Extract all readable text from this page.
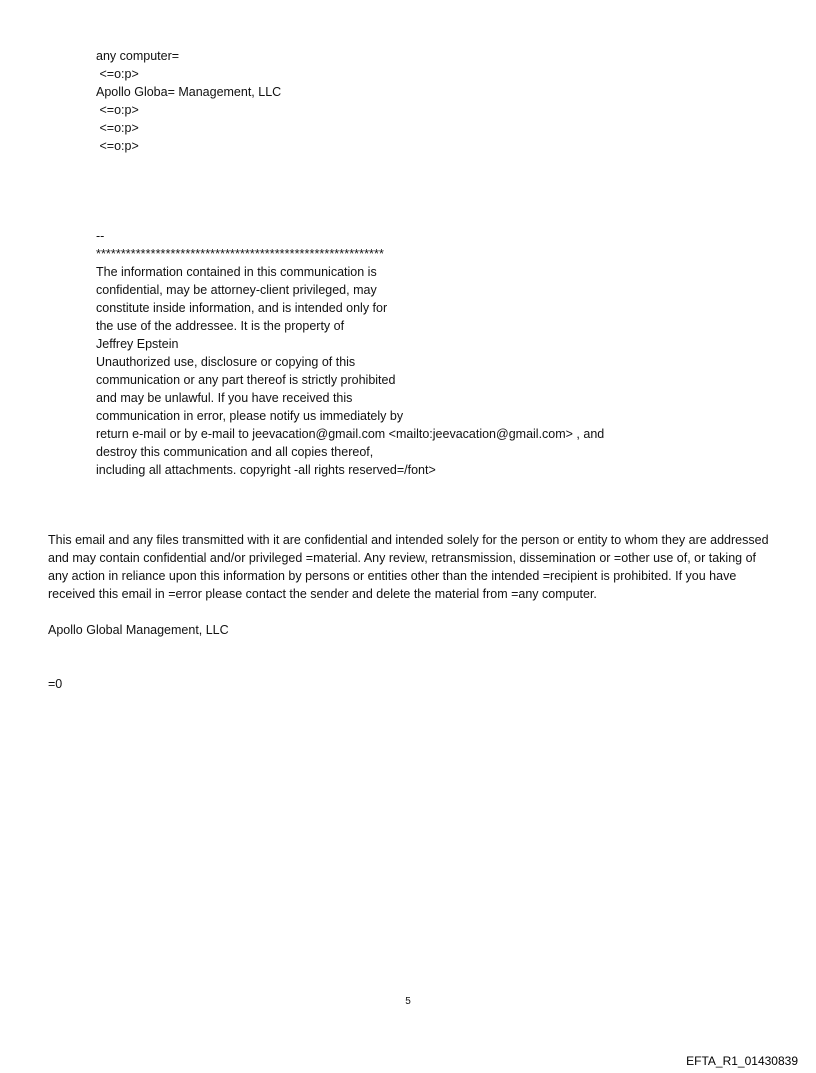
any computer=
<=o:p>
Apollo Globa= Management, LLC
<=o:p>
<=o:p>
<=o:p>
--
**********************************************************
The information contained in this communication is
confidential, may be attorney-client privileged, may
constitute inside information, and is intended only for
the use of the addressee. It is the property of
Jeffrey Epstein
Unauthorized use, disclosure or copying of this
communication or any part thereof is strictly prohibited
and may be unlawful. If you have received this
communication in error, please notify us immediately by
return e-mail or by e-mail to jeevacation@gmail.com <mailto:jeevacation@gmail.com> , and
destroy this communication and all copies thereof,
including all attachments. copyright -all rights reserved=/font>
This email and any files transmitted with it are confidential and intended solely for the person or entity to whom they are addressed and may contain confidential and/or privileged =material. Any review, retransmission, dissemination or =other use of, or taking of any action in reliance upon this information by persons or entities other than the intended =recipient is prohibited. If you have received this email in =error please contact the sender and delete the material from =any computer.
Apollo Global Management, LLC
=0
5
EFTA_R1_01430839
